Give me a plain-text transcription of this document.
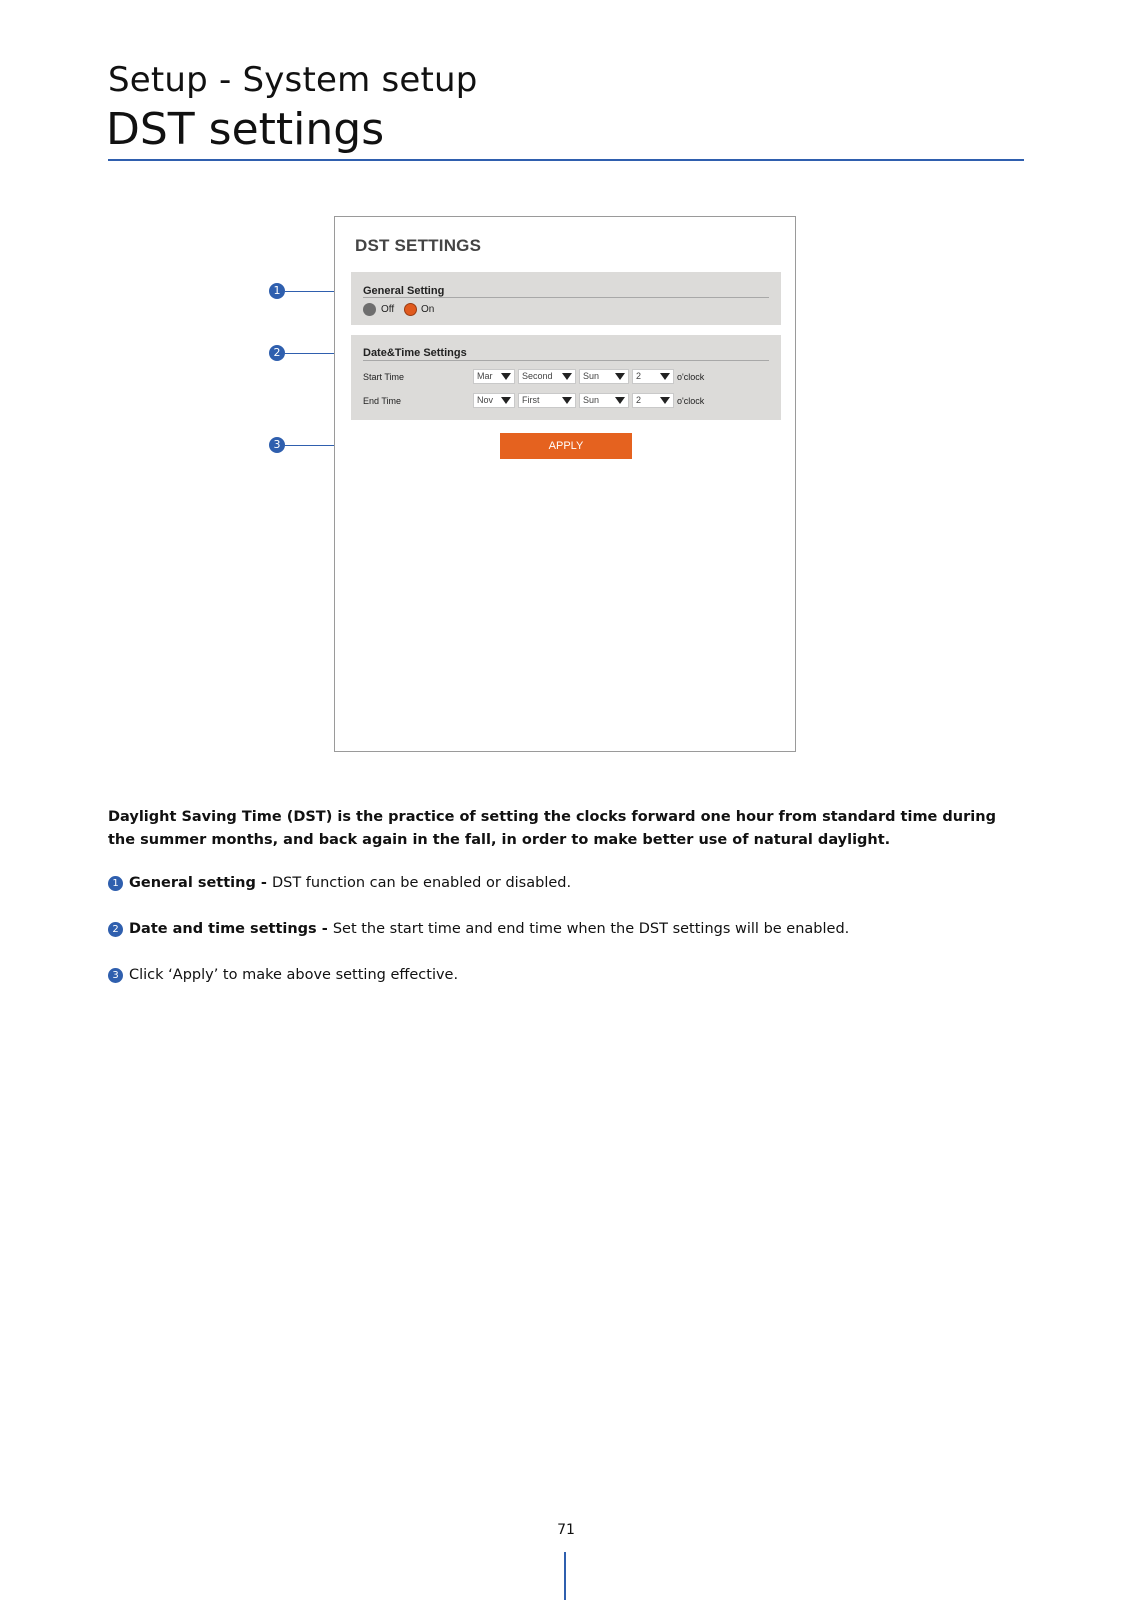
Setup - System setup
DST settings
1
2
3
DST SETTINGS
General Setting
Off	On
Date&Time Settings
Start Time	Mar	Second	Sun	2	o'clock
End Time	Nov	First	Sun	2	o'clock
APPLY

Daylight Saving Time (DST) is the practice of setting the clocks forward one hour from standard time during the summer months, and back again in the fall, in order to make better use of natural daylight.

1 General setting - DST function can be enabled or disabled.

2 Date and time settings - Set the start time and end time when the DST settings will be enabled.

3 Click ‘Apply’ to make above setting effective.

71
